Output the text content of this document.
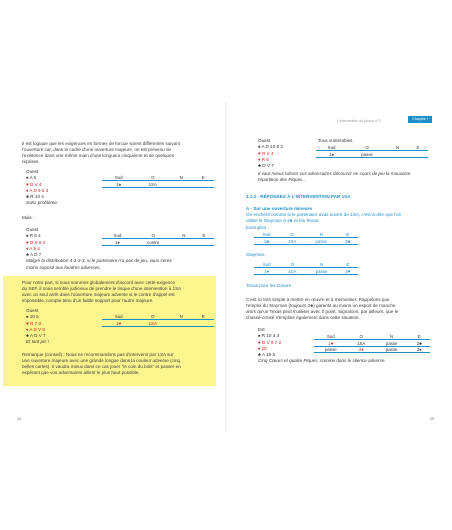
L'intervention du joueur n°2	Chapitre I
Il est logique que les exigences en formes de forcue soient différentes suivant
l'ouverture car, dans le cadre d'une ouverture majeure, on est prévenu de
l'existence dans une même main d'une longueur cinquième et de quelques
reprises.
Ouest
♠ A 5
♥ D V 4
♦ A D 9 6 3
♣ R 10 4
Sans problème.
Sud	O	N	E
1♠	1SA		
Mais :
Ouest
♠ R 5 4
♥ D V 6 2
♦ A 9 4
♣ A D 7
Malgré la distribution 4-3-3-3, si le partenaire n'a pas de jeu, vous serez
moins exposé aux foudres adverses.
Sud	O	N	E
1♦	contre		
Pour notre part, si nous sommes globalement d'accord avec cette exigence
du SEF, il nous semble judicieux de prendre le risque d'une intervention à 1SA
avec un seul arrêt dans l'ouverture majeure adverse si le contre d'appel est
impossible, compte tenu d'un faible support pour l'autre majeure.
Ouest
♠ 10 5
♥ R 7 3
♦ A D V 8
♣ A D V 7
Et tant pis !
Sud	O	N	E
1♥	1SA		
Remarque (conseil) : Nous ne recommandons pas d'intervenir par 1SA sur
une ouverture majeure avec une grande longue dans la couleur adverse (cinq
belles cartes). Il vaudra mieux dans ce cas jouer "le coin du bois" et passer en
espérant que vos adversaires aillent le plus haut possible.
24
Ouest
♠ A D 10 8 2
♥ R V 4
♦ R 5
♣ D V 7
Tous vulnérables.
Sud	O	N	E
1♠	passe		
Il vaut mieux laisser vos adversaires découvrir en cours de jeu la mauvaise
répartition des Piques...
1.1.2 - RÉPONSES À L'INTERVENTION PAR 1SA
A - Sur une ouverture mineure
On enchérit comme si le partenaire avait ouvert de 1SA, c'est-à-dire que l'on
utilise le Stayman à 2♣ et les Texas.
Exemples :
Sud	O	N	E
1♣	1SA	passe	2♣
Stayman.
Sud	O	N	E
1♦	1SA	passe	2♥
Texas pour les Cœurs.
C'est ici très simple à mettre en œuvre et à mémoriser. Rappelons que
l'emploi du Stayman (toujours 2♣) garantit au moins un espoir de manche
alors qu'un Texas peut s'utiliser avec 0 point. Signalons, par ailleurs, que le
chassé-croisé s'emploie également dans cette situation.
Est
♠ R 10 4 3
♥ D V 9 7 2
♦ 10
♣ A 10 5
Cinq Cœurs et quatre Piques, comme dans le silence adverse.
Sud	O	N	E
1♥	1SA	passe	2♣
passe	2♦	passe	2♠
25
